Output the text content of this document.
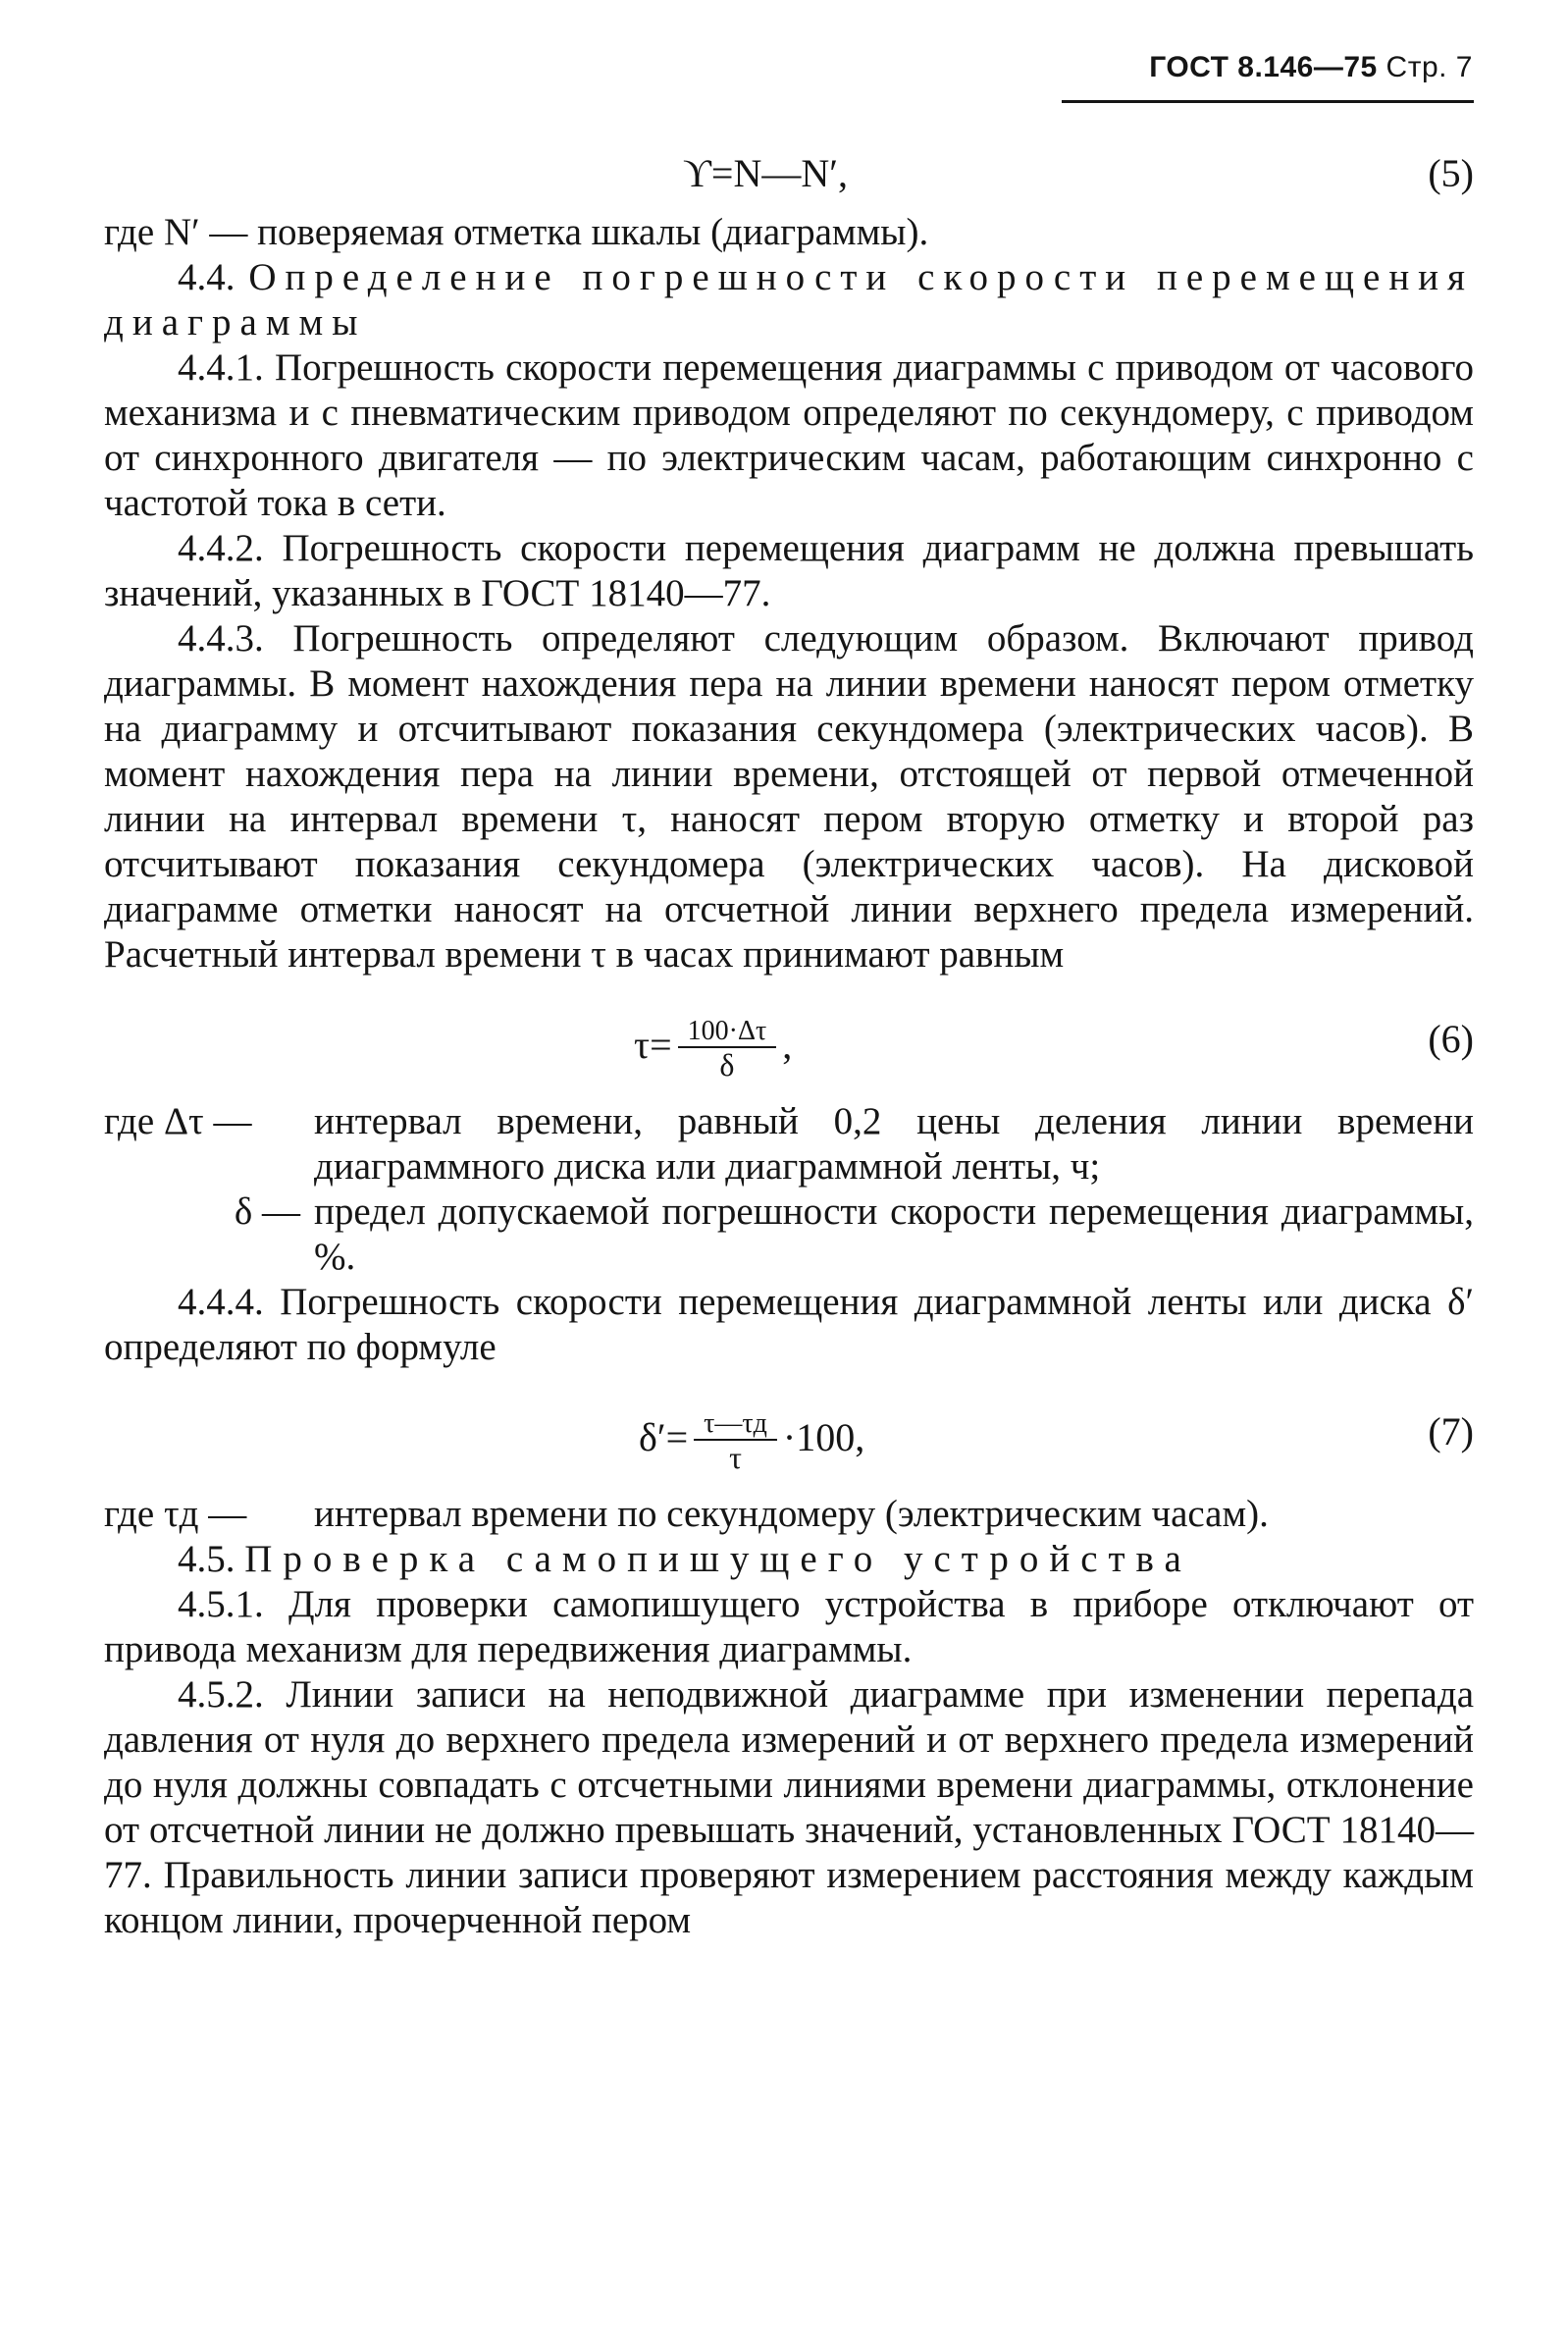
ГОСТ 8.146—75 Стр. 7
ϒ=N—N′,	(5)

где N′ — поверяемая отметка шкалы (диаграммы).

4.4. Определение погрешности скорости перемещения диаграммы

4.4.1. Погрешность скорости перемещения диаграммы с приводом от часового механизма и с пневматическим приводом определяют по секундомеру, с приводом от синхронного двигателя — по электрическим часам, работающим синхронно с частотой тока в сети.

4.4.2. Погрешность скорости перемещения диаграмм не должна превышать значений, указанных в ГОСТ 18140—77.

4.4.3. Погрешность определяют следующим образом. Включают привод диаграммы. В момент нахождения пера на линии времени наносят пером отметку на диаграмму и отсчитывают показания секундомера (электрических часов). В момент нахождения пера на линии времени, отстоящей от первой отмеченной линии на интервал времени τ, наносят пером вторую отметку и второй раз отсчитывают показания секундомера (электрических часов). На дисковой диаграмме отметки наносят на отсчетной линии верхнего предела измерений. Расчетный интервал времени τ в часах принимают равным

$\tau= \frac{100\cdot\Delta\tau}{\delta}$ ,	(6)
где Δτ —	интервал времени, равный 0,2 цены деления линии времени диаграммного диска или диаграммной ленты, ч;
δ — предел допускаемой погрешности скорости перемещения диаграммы, %.

4.4.4. Погрешность скорости перемещения диаграммной ленты или диска δ′ определяют по формуле

$\delta'= \frac{\tau—\tau д}{\tau} \cdot 100$,	(7)
где τд —	интервал времени по секундомеру (электрическим часам).

4.5. Проверка самопишущего устройства

4.5.1. Для проверки самопишущего устройства в приборе отключают от привода механизм для передвижения диаграммы.

4.5.2. Линии записи на неподвижной диаграмме при изменении перепада давления от нуля до верхнего предела измерений и от верхнего предела измерений до нуля должны совпадать с отсчетными линиями времени диаграммы, отклонение от отсчетной линии не должно превышать значений, установленных ГОСТ 18140—77. Правильность линии записи проверяют измерением расстояния между каждым концом линии, прочерченной пером
